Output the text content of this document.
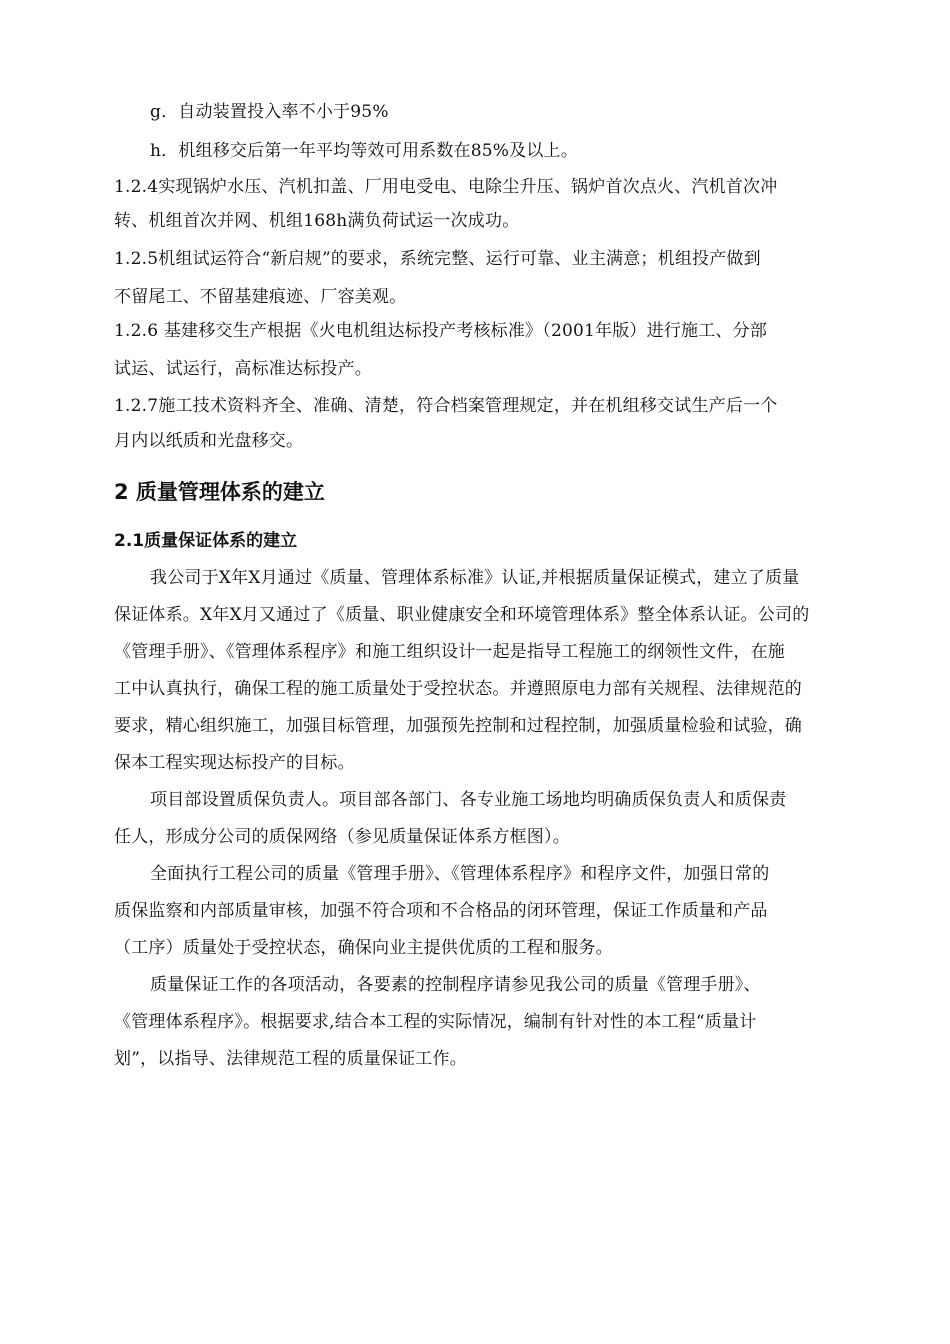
g．自动装置投入率不小于95%
h．机组移交后第一年平均等效可用系数在85%及以上。
1.2.4实现锅炉水压、汽机扣盖、厂用电受电、电除尘升压、锅炉首次点火、汽机首次冲
转、机组首次并网、机组168h满负荷试运一次成功。
1.2.5机组试运符合“新启规”的要求，系统完整、运行可靠、业主满意；机组投产做到
不留尾工、不留基建痕迹、厂容美观。
1.2.6 基建移交生产根据《火电机组达标投产考核标准》（2001年版）进行施工、分部
试运、试运行，高标准达标投产。
1.2.7施工技术资料齐全、准确、清楚，符合档案管理规定，并在机组移交试生产后一个
月内以纸质和光盘移交。
2 质量管理体系的建立
2.1质量保证体系的建立
我公司于X年X月通过《质量、管理体系标准》认证,并根据质量保证模式，建立了质量
保证体系。X年X月又通过了《质量、职业健康安全和环境管理体系》整全体系认证。公司的
《管理手册》、《管理体系程序》和施工组织设计一起是指导工程施工的纲领性文件，在施
工中认真执行，确保工程的施工质量处于受控状态。并遵照原电力部有关规程、法律规范的
要求，精心组织施工，加强目标管理，加强预先控制和过程控制，加强质量检验和试验，确
保本工程实现达标投产的目标。
项目部设置质保负责人。项目部各部门、各专业施工场地均明确质保负责人和质保责
任人，形成分公司的质保网络（参见质量保证体系方框图）。
全面执行工程公司的质量《管理手册》、《管理体系程序》和程序文件，加强日常的
质保监察和内部质量审核，加强不符合项和不合格品的闭环管理，保证工作质量和产品
（工序）质量处于受控状态，确保向业主提供优质的工程和服务。
质量保证工作的各项活动，各要素的控制程序请参见我公司的质量《管理手册》、
《管理体系程序》。根据要求,结合本工程的实际情况，编制有针对性的本工程“质量计
划”，以指导、法律规范工程的质量保证工作。
